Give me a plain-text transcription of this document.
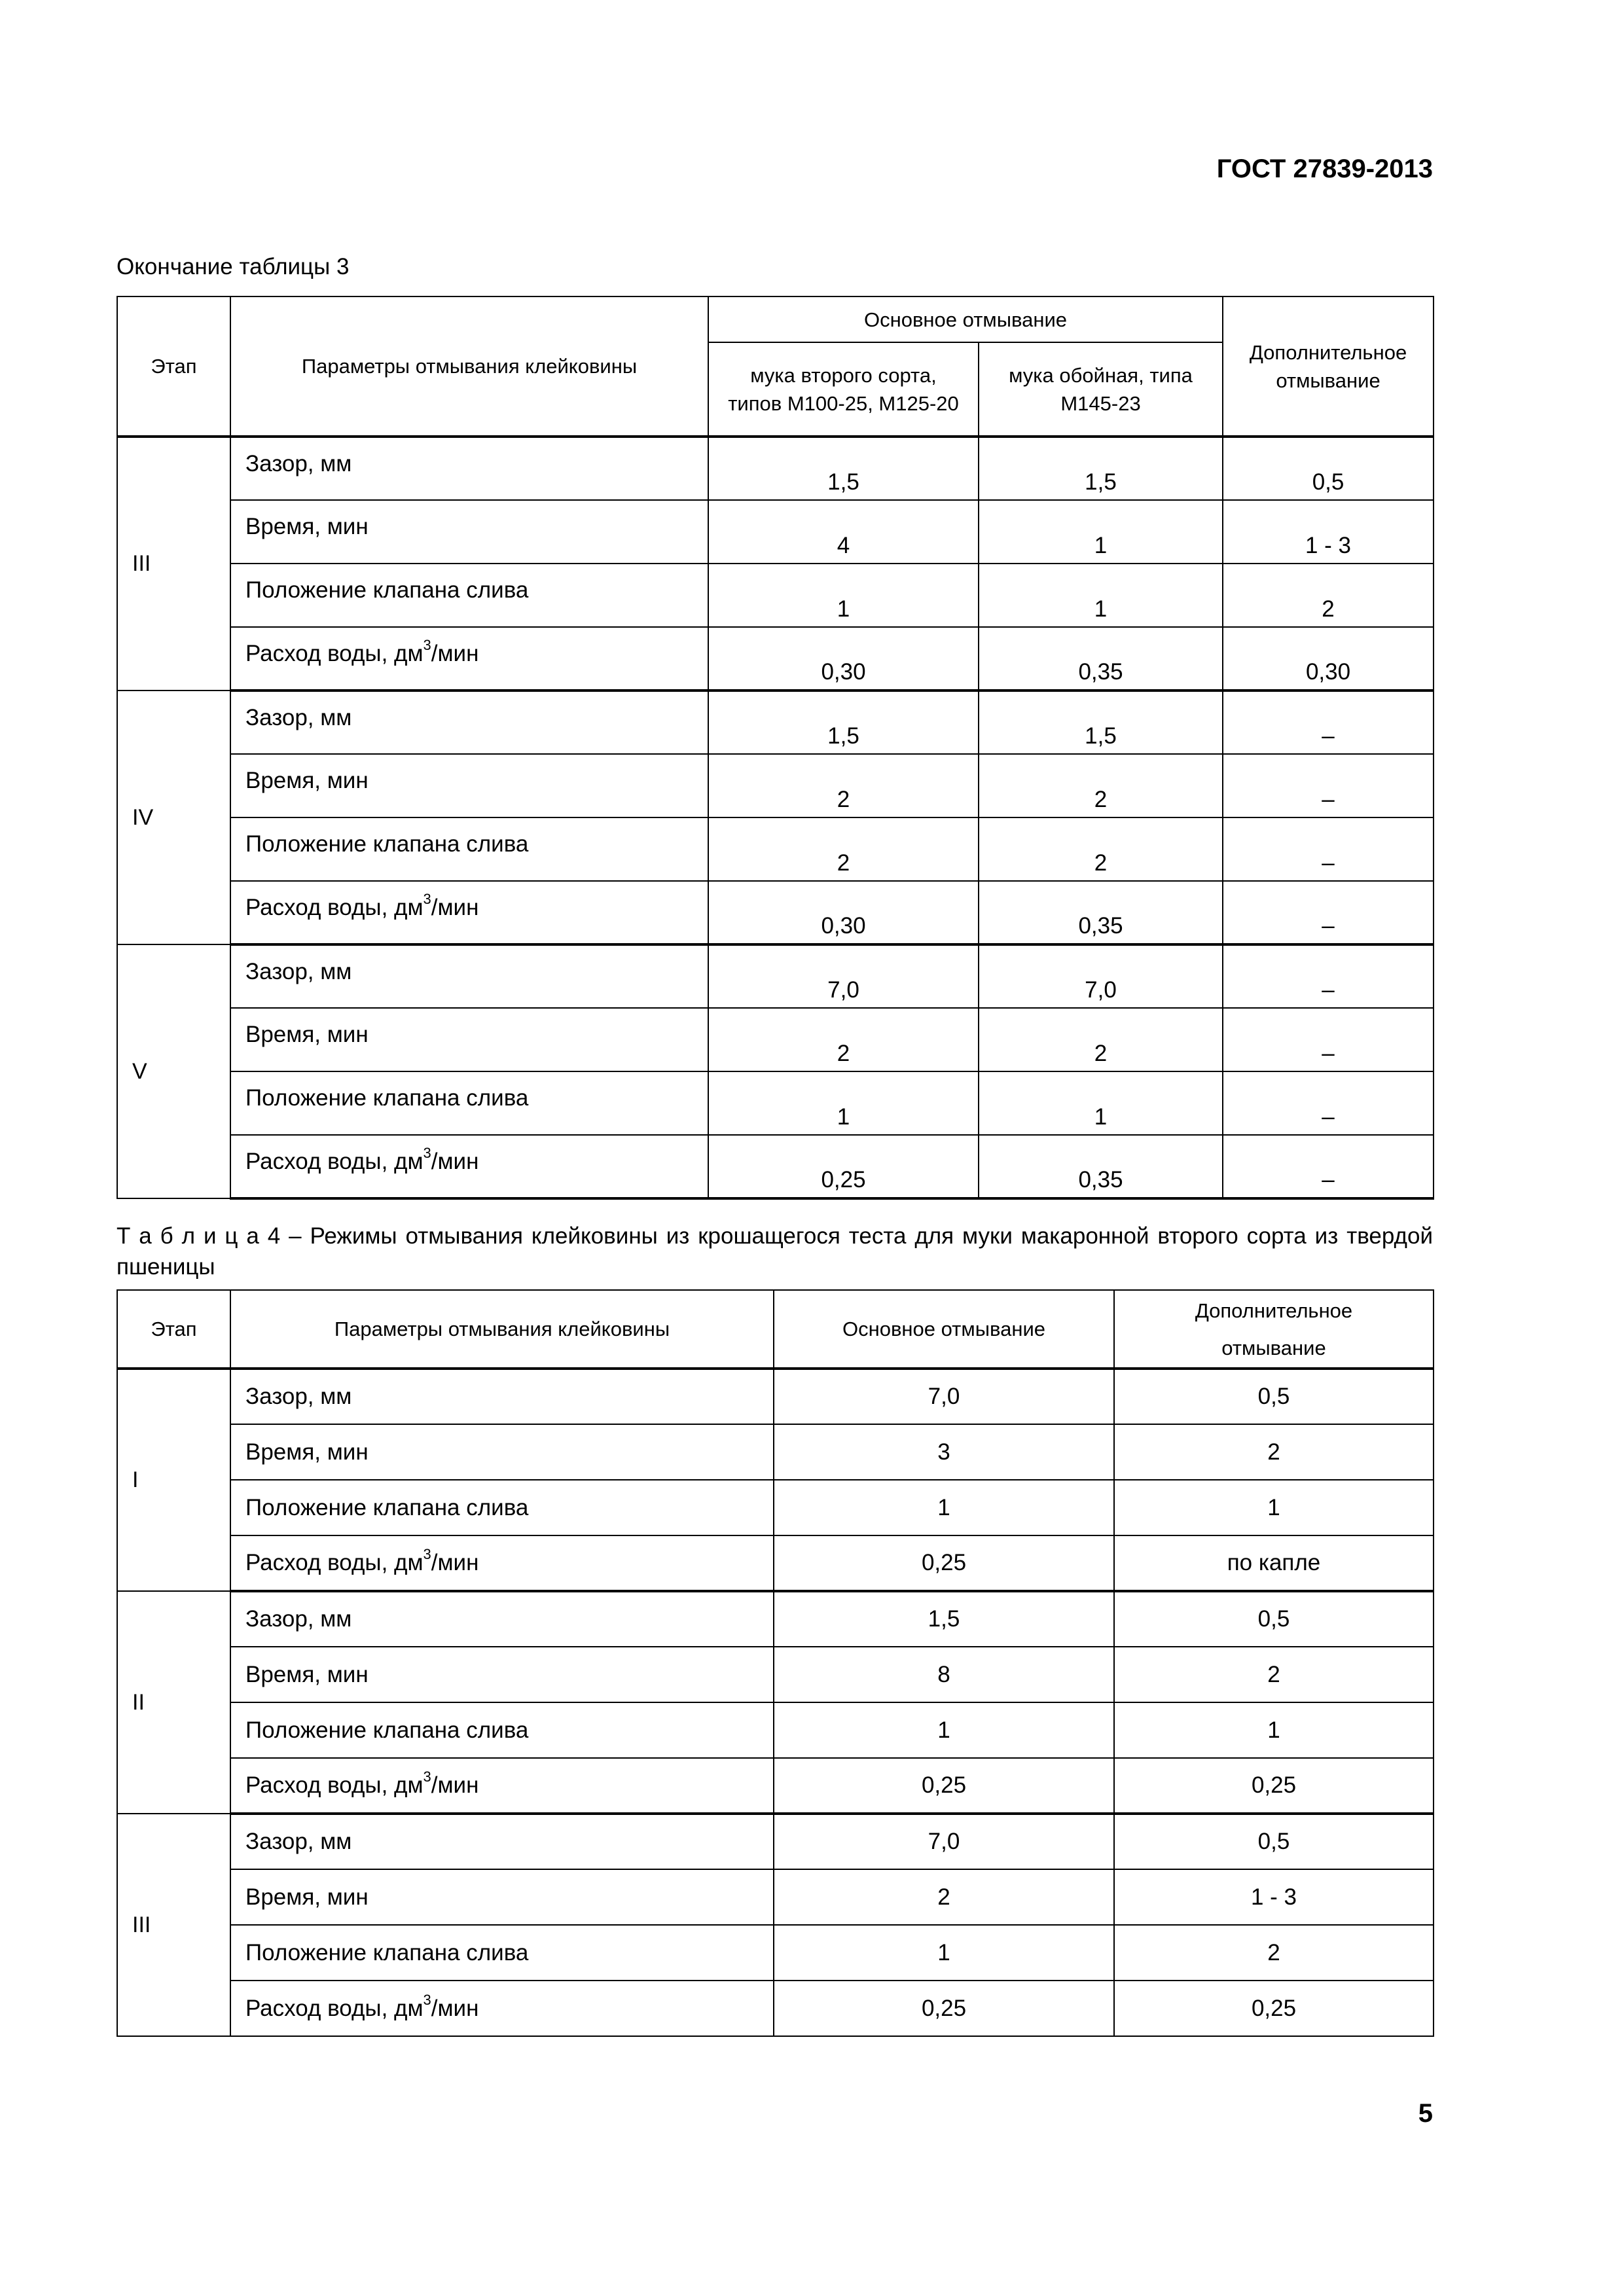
ГОСТ 27839-2013
Окончание таблицы 3
Этап	Параметры отмывания клейковины	Основное отмывание		Дополнительное отмывание
		мука второго сорта, типов М100-25, М125-20	мука обойная, типа М145-23	
III	Зазор, мм	1,5	1,5	0,5
	Время, мин	4	1	1 - 3
	Положение клапана слива	1	1	2
	Расход воды, $дм^3$/мин	0,30	0,35	0,30
IV	Зазор, мм	1,5	1,5	–
	Время, мин	2	2	–
	Положение клапана слива	2	2	–
	Расход воды, $дм^3$/мин	0,30	0,35	–
V	Зазор, мм	7,0	7,0	–
	Время, мин	2	2	–
	Положение клапана слива	1	1	–
	Расход воды, $дм^3$/мин	0,25	0,35	–
Т а б л и ц а 4 – Режимы отмывания клейковины из крошащегося теста для муки макаронной второго сорта из твердой пшеницы
Этап	Параметры отмывания клейковины	Основное отмывание	Дополнительное отмывание
I	Зазор, мм	7,0	0,5
	Время, мин	3	2
	Положение клапана слива	1	1
	Расход воды, $дм^3$/мин	0,25	по капле
II	Зазор, мм	1,5	0,5
	Время, мин	8	2
	Положение клапана слива	1	1
	Расход воды, $дм^3$/мин	0,25	0,25
III	Зазор, мм	7,0	0,5
	Время, мин	2	1 - 3
	Положение клапана слива	1	2
	Расход воды, $дм^3$/мин	0,25	0,25
5
